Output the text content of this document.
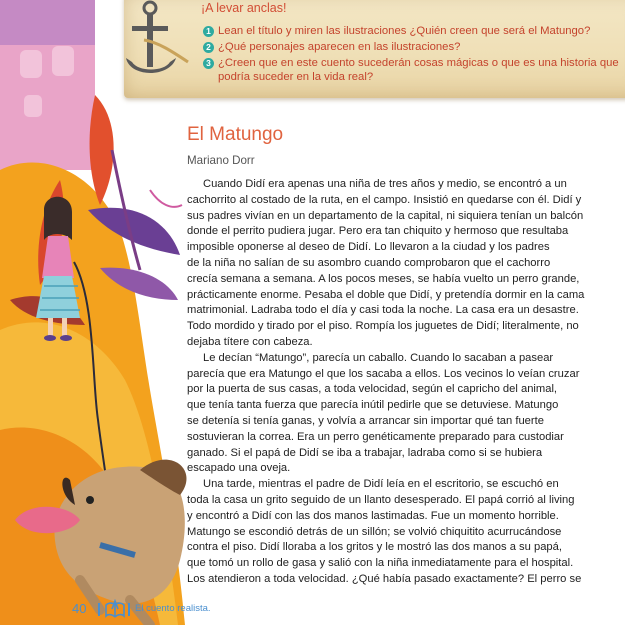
¡A levar anclas!
1 Lean el título y miren las ilustraciones ¿Quién creen que será el Matungo?
2 ¿Qué personajes aparecen en las ilustraciones?
3 ¿Creen que en este cuento sucederán cosas mágicas o que es una historia que
podría suceder en la vida real?
El Matungo
Mariano Dorr
Cuando Didí era apenas una niña de tres años y medio, se encontró a un
cachorrito al costado de la ruta, en el campo. Insistió en quedarse con él. Didí y
sus padres vivían en un departamento de la capital, ni siquiera tenían un balcón
donde el perrito pudiera jugar. Pero era tan chiquito y hermoso que resultaba
imposible oponerse al deseo de Didí. Lo llevaron a la ciudad y los padres
de la niña no salían de su asombro cuando comprobaron que el cachorro
crecía semana a semana. A los pocos meses, se había vuelto un perro grande,
prácticamente enorme. Pesaba el doble que Didí, y pretendía dormir en la cama
matrimonial. Ladraba todo el día y casi toda la noche. La casa era un desastre.
Todo mordido y tirado por el piso. Rompía los juguetes de Didí; literalmente, no
dejaba títere con cabeza.
Le decían “Matungo”, parecía un caballo. Cuando lo sacaban a pasear
parecía que era Matungo el que los sacaba a ellos. Los vecinos lo veían cruzar
por la puerta de sus casas, a toda velocidad, según el capricho del animal,
que tenía tanta fuerza que parecía inútil pedirle que se detuviese. Matungo
se detenía si tenía ganas, y volvía a arrancar sin importar qué tan fuerte
sostuvieran la correa. Era un perro genéticamente preparado para custodiar
ganado. Si el papá de Didí se iba a trabajar, ladraba como si se hubiera
escapado una oveja.
Una tarde, mientras el padre de Didí leía en el escritorio, se escuchó en
toda la casa un grito seguido de un llanto desesperado. El papá corrió al living
y encontró a Didí con las dos manos lastimadas. Fue un momento horrible.
Matungo se escondió detrás de un sillón; se volvió chiquitito acurrucándose
contra el piso. Didí lloraba a los gritos y le mostró las dos manos a su papá,
que tomó un rollo de gasa y salió con la niña inmediatamente para el hospital.
Los atendieron a toda velocidad. ¿Qué había pasado exactamente? El perro se
40	El cuento realista.
